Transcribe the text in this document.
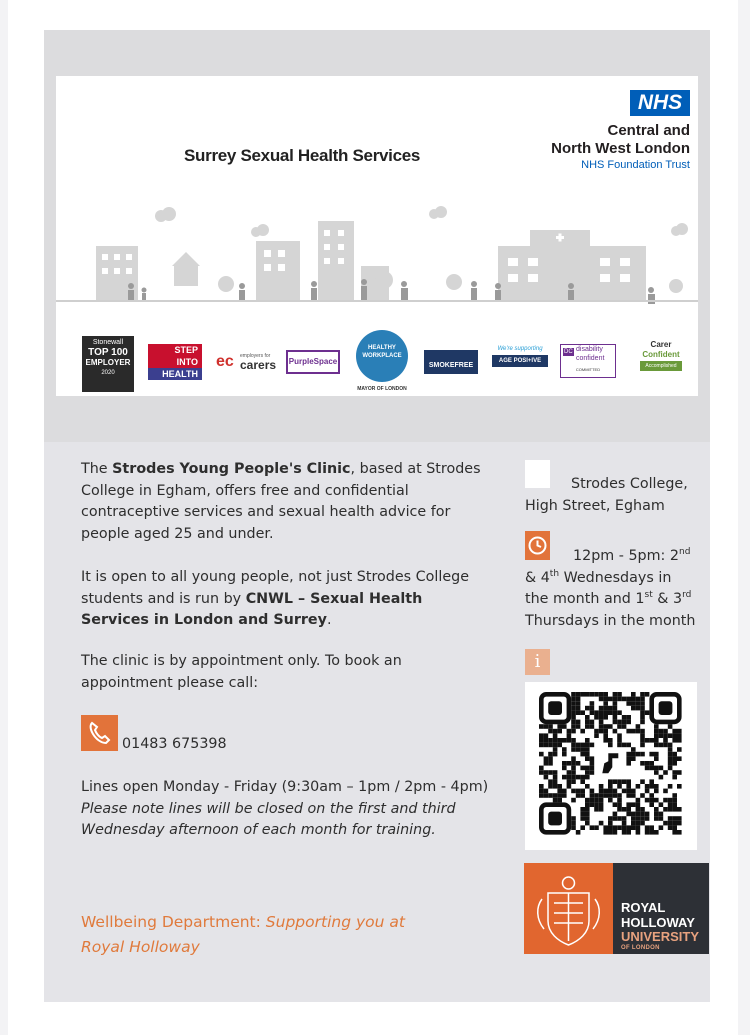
Surrey Sexual Health Services
NHS
Central and
North West London
NHS Foundation Trust
Stonewall
TOP 100
EMPLOYER
2020
STEP
INTO
HEALTH
ec employers for
carers	PurpleSpace
HEALTHY
WORKPLACE
MAYOR OF LONDON
SMOKEFREE
We're supporting
AGE POSI+IVE
DC disability
confident
COMMITTED
Carer
Confident
Accomplished
The Strodes Young People's Clinic, based at Strodes College in Egham, offers free and confidential contraceptive services and sexual health advice for people aged 25 and under.
It is open to all young people, not just Strodes College students and is run by CNWL – Sexual Health Services in London and Surrey.
The clinic is by appointment only. To book an appointment please call:
01483 675398
Lines open Monday - Friday (9:30am – 1pm / 2pm - 4pm) Please note lines will be closed on the first and third Wednesday afternoon of each month for training.
Wellbeing Department: Supporting you at Royal Holloway
Strodes College,
High Street, Egham
12pm - 5pm: 2nd
& 4th Wednesdays in
the month and 1st & 3rd
Thursdays in the month
i
ROYAL
HOLLOWAY
UNIVERSITY
OF LONDON
